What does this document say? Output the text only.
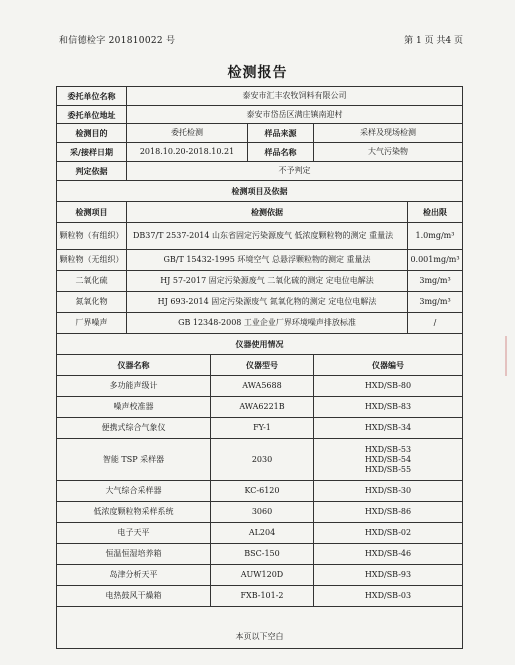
和信德检字 201810022 号	第 1 页 共4 页
检测报告
委托单位名称	泰安市汇丰农牧饲料有限公司				
委托单位地址	泰安市岱岳区满庄镇南迎村				
检测目的	委托检测		样品来源	采样及现场检测	
采/接样日期	2018.10.20-2018.10.21		样品名称	大气污染物	
判定依据	不予判定				
检测项目及依据					
检测项目	检测依据				检出限
颗粒物（有组织）	DB37/T 2537-2014 山东省固定污染源废气 低浓度颗粒物的测定 重量法				1.0mg/m³
颗粒物（无组织）	GB/T 15432-1995 环境空气 总悬浮颗粒物的测定 重量法				0.001mg/m³
二氧化硫	HJ 57-2017 固定污染源废气 二氧化硫的测定 定电位电解法				3mg/m³
氮氧化物	HJ 693-2014 固定污染源废气 氮氧化物的测定 定电位电解法				3mg/m³
厂界噪声	GB 12348-2008 工业企业厂界环境噪声排放标准				/
仪器使用情况					
仪器名称		仪器型号		仪器编号	
多功能声级计		AWA5688		HXD/SB-80	
噪声校准器		AWA6221B		HXD/SB-83	
便携式综合气象仪		FY-1		HXD/SB-34	
智能 TSP 采样器		2030		HXD/SB-53
HXD/SB-54
HXD/SB-55	

大气综合采样器		KC-6120		HXD/SB-30	
低浓度颗粒物采样系统		3060		HXD/SB-86	
电子天平		AL204		HXD/SB-02	
恒温恒湿培养箱		BSC-150		HXD/SB-46	
岛津分析天平		AUW120D		HXD/SB-93	
电热鼓风干燥箱		FXB-101-2		HXD/SB-03	
本页以下空白					
